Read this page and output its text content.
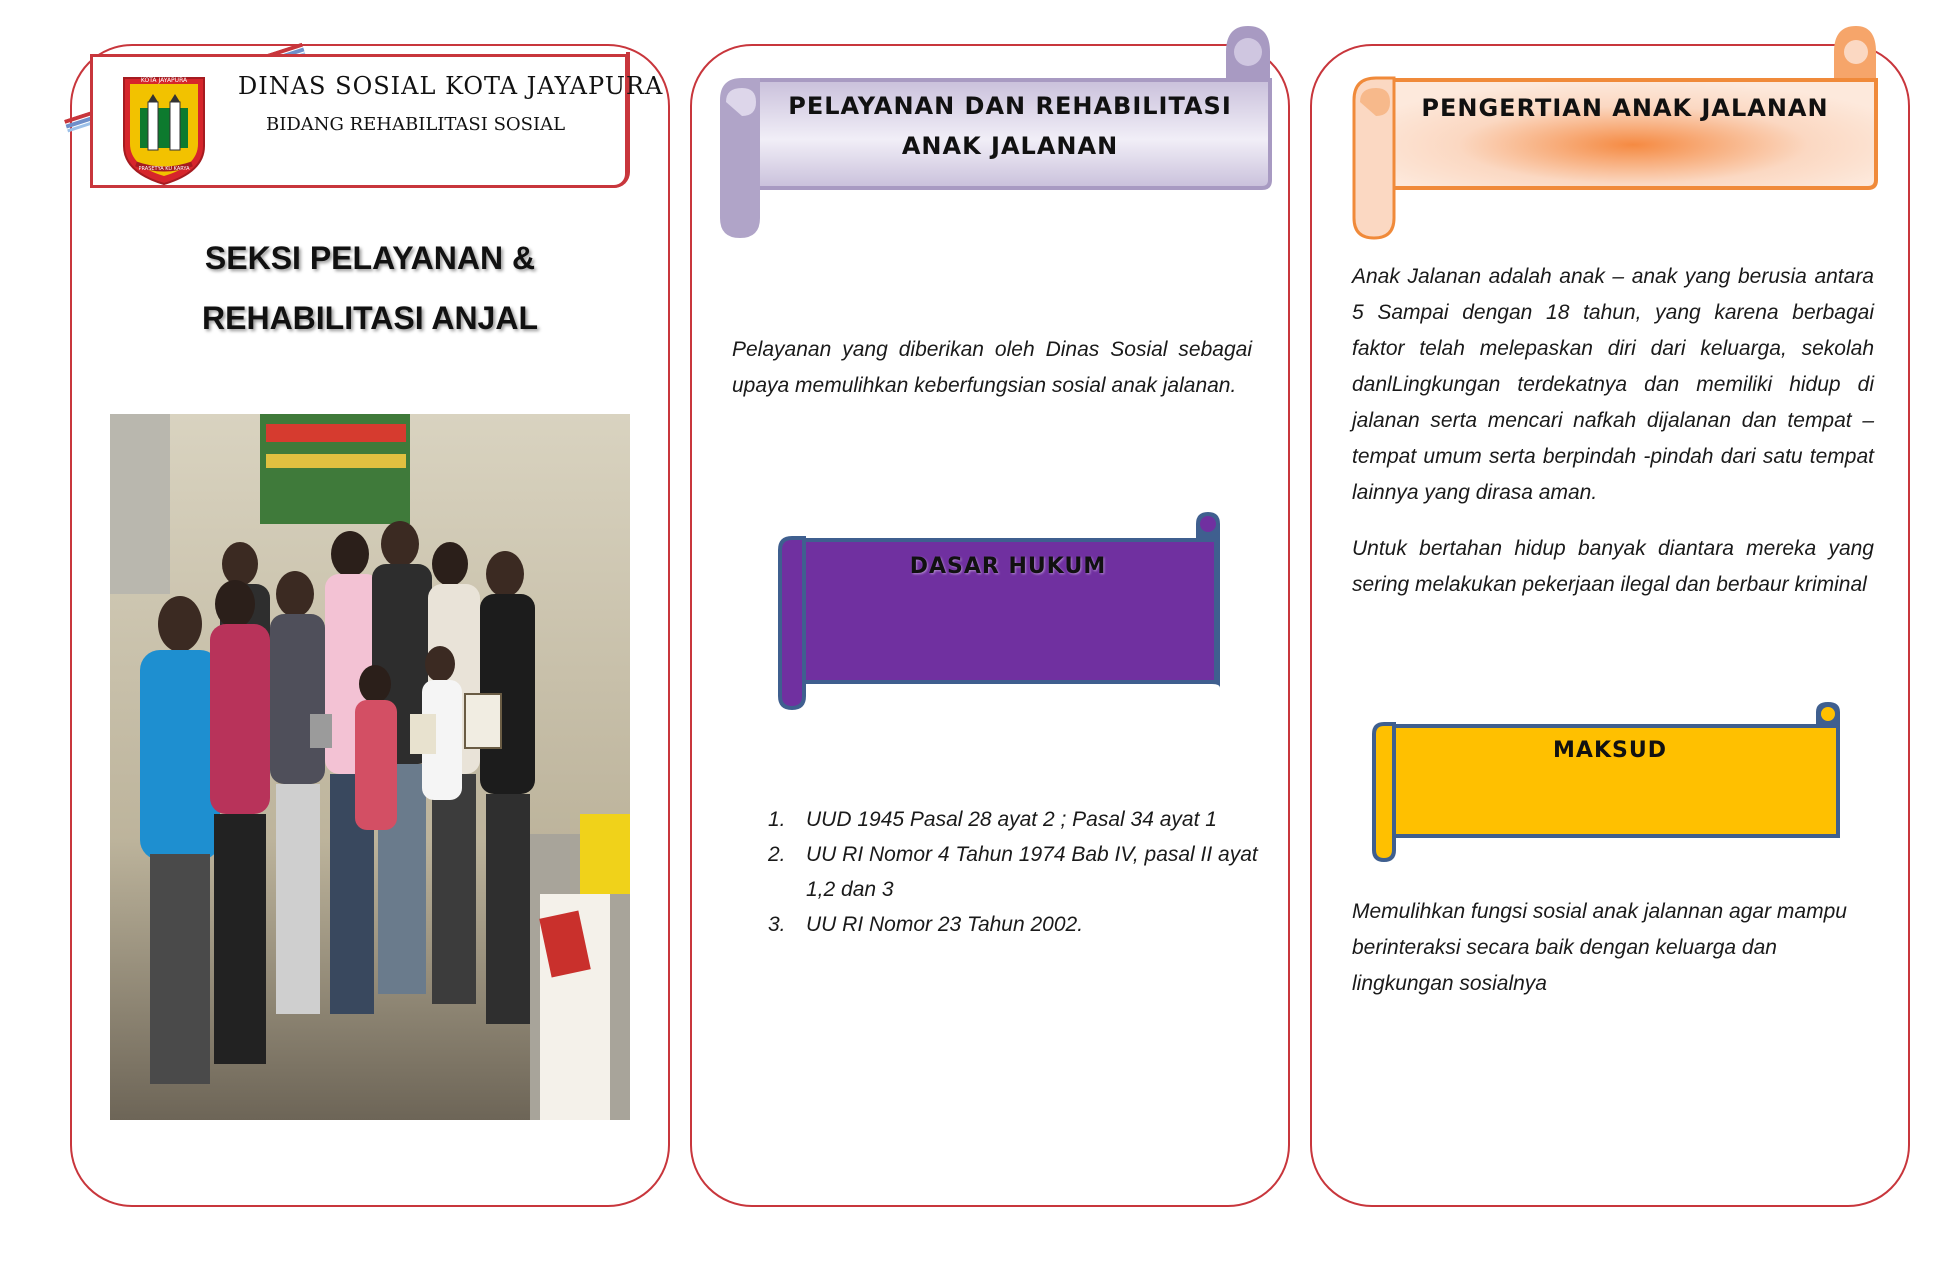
KOTA JAYAPURA
PRASETYA KU KARYA
DINAS SOSIAL KOTA JAYAPURA
BIDANG REHABILITASI SOSIAL
SEKSI PELAYANAN &
REHABILITASI ANJAL
PELAYANAN DAN REHABILITASI
ANAK JALANAN

Pelayanan yang diberikan oleh Dinas Sosial sebagai upaya memulihkan keberfungsian sosial anak jalanan.

DASAR HUKUM
1. UUD 1945 Pasal 28 ayat 2 ; Pasal 34 ayat 1
2. UU RI Nomor 4 Tahun 1974 Bab IV, pasal II ayat 1,2 dan 3
3. UU RI Nomor 23 Tahun 2002.
PENGERTIAN ANAK JALANAN

Anak Jalanan adalah anak – anak yang berusia antara 5 Sampai dengan 18 tahun, yang karena berbagai faktor telah melepaskan diri dari keluarga, sekolah danlLingkungan terdekatnya dan memiliki hidup di jalanan serta mencari nafkah dijalanan dan tempat – tempat umum serta berpindah -pindah dari satu tempat lainnya yang dirasa aman.

Untuk bertahan hidup banyak diantara mereka yang sering melakukan pekerjaan ilegal dan berbaur kriminal

MAKSUD

Memulihkan fungsi sosial anak jalannan agar mampu berinteraksi secara baik dengan keluarga dan lingkungan sosialnya
